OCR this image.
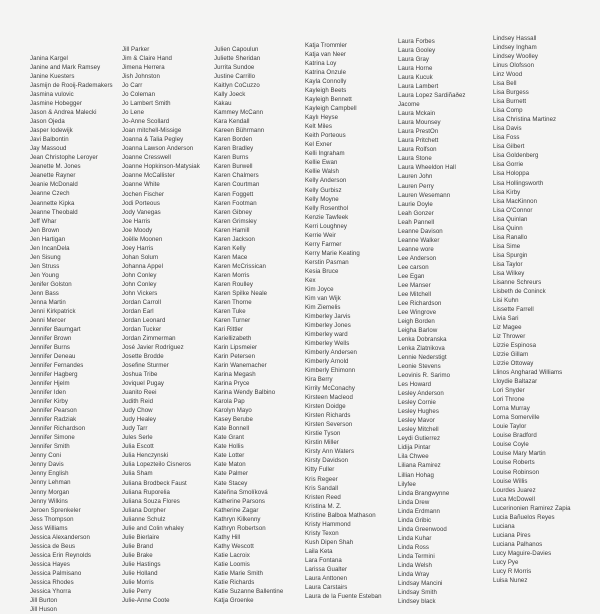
Janina Kargel
Janine and Mark Ramsey
Janine Kuesters
Jasmijn de Rooij-Rademakers
Jasmina vulovic
Jasmine Hobegger
Jason & Andrea Malecki
Jason Ojeda
Jasper Iodewijk
Javi Balbontin
Jay Massoud
Jean Christophe Leroyer
Jeanette M. Jones
Jeanette Rayner
Jeanie McDonald
Jeanne Czech
Jeannette Kipka
Jeanne Theobald
Jeff Whar
Jen Brown
Jen Hartigan
Jen IncanDela
Jen Sisung
Jen Struss
Jen Young
Jenifer Golston
Jenn Bass
Jenna Martin
Jenni Kirkpatrick
Jenni Mercer
Jennifer Baumgart
Jennifer Brown
Jennifer Burns
Jennifer Deneau
Jennifer Fernandes
Jennifer Hagberg
Jennifer Hjelm
Jennifer Iden
Jennifer Kirby
Jennifer Pearson
Jennifer Radziak
Jennifer Richardson
Jennifer Simone
Jennifer Smith
Jenny Coni
Jenny Davis
Jenny English
Jenny Lehman
Jenny Morgan
Jenny Wilkins
Jeroen Sprenkeler
Jess Thompson
Jess Williams
Jessica Alexanderson
Jessica de Beus
Jessica Erin Reynolds
Jessica Hayes
Jessica Palmisano
Jessica Rhodes
Jessica Yhorra
Jill Burton
Jill Huson
Jill Parker
Jim & Claire Hand
Jimena Herrera
Jish Johnston
Jo Carr
Jo Coleman
Jo Lambert Smith
Jo Lene
Jo-Anne Scollard
Joan mitchell-Missige
Joanna & Talia Pegley
Joanna Lawson Anderson
Joanne Cresswell
Joanne Hopkinson-Matysiak
Joanne McCallister
Joanne White
Jochen Fischer
Jodi Porteous
Jody Vanegas
Joe Harris
Joe Moody
Joëlle Moonen
Joey Harris
Johan Solum
Johanna Appel
John Conley
John Conley
John Vickers
Jordan Carroll
Jordan Earl
Jordan Leonard
Jordan Tucker
Jordan Zimmerman
José Javier Rodríguez
Josette Brodde
Josefine Sturmer
Joshua Tribe
Joviquel Pugay
Juanito Reei
Judith Reid
Judy Chow
Judy Healey
Judy Tarr
Jules Serle
Julia Escott
Julia Henczynski
Julia Lopezteilo Cisneros
Julia Sham
Juliana Brodbeck Faust
Juliana Ruporelia
Juliana Souza Flores
Juliana Dorpher
Julianne Schulz
Julie and Colin whaley
Julie Bierlaire
Julie Brand
Julie Brake
Julie Hastings
Julie Holland
Julie Morris
Julie Perry
Julie-Anne Coote
Julien Capoulun
Juliette Sheridan
Jurrita Sundoe
Justine Carrillo
Kaitlyn CoCuzzo
Kally Joeck
Kakau
Kammey McCann
Kara Kendall
Kareen Bührmann
Karen Borden
Karen Bradley
Karen Burns
Karen Burwell
Karen Chalmers
Karen Courtman
Karen Foggett
Karen Footman
Karen Gibney
Karen Grimsley
Karen Hamill
Karen Jackson
Karen Kelly
Karen Mace
Karen McCrissican
Karen Morris
Karen Roulley
Karen Spilke Neale
Karen Thorne
Karen Tuke
Karen Turner
Kari Rittler
Kariellizabeth
Karin Lipsmeier
Karin Petersen
Karin Wanemacher
Karina Megash
Karina Pryce
Karina Wendy Balbino
Karola Pap
Karolyn Mayo
Kasey Berube
Kate Bonnell
Kate Grant
Kate Hollis
Kate Lotter
Kate Maton
Kate Palmer
Kate Stacey
Kateřina Smolíková
Katherine Parsons
Katherine Zagar
Kathryn Kilkenny
Kathryn Robertson
Kathy Hill
Kathy Wescott
Katie Lacroix
Katie Loomis
Katie Marie Smith
Katie Richards
Katie Suzanne Ballentine
Katja Groenke
Katja Trommler
Katja van Neer
Katrina Loy
Katrina Onzule
Kayla Connolly
Kayleigh Beets
Kayleigh Bennett
Kayleigh Campbell
Kaylı Heyse
Kelt Miles
Keith Porteous
Kel Exner
Kelli Ingraham
Kellie Ewan
Kellie Walsh
Kelly Anderson
Kelly Gurbisz
Kelly Moyne
Kelly Rosenthol
Kenzie Tawfeek
Kerri Loughney
Kerrie Weir
Kerry Farmer
Kerry Marie Keating
Kerstin Pasman
Kesia Bruce
Kex
Kim Joyce
Kim van Wijk
Kim Ziemelis
Kimberley Jarvis
Kimberley Jones
Kimberley ward
Kimberley Wells
Kimberly Andersen
Kimberly Arnold
Kimberly Ehimonn
Kira Berry
Kirrily McConachy
Kirsteen Macleod
Kirsten Doidge
Kirsten Richards
Kirsten Severson
Kirstie Tyson
Kirstin Miller
Kirsty Ann Waters
Kirsty Davidson
Kitty Fuller
Kris Regeer
Kris Sandall
Kristen Reed
Kristina M. Z.
Kristine Balboa Mathason
Kristy Hammond
Kristy Texon
Kush Dipen Shah
Laila Keta
Lara Fontana
Larissa Gualter
Laura Anttonen
Laura Carstairs
Laura de la Fuente Esteban
Laura Forbes
Laura Gooley
Laura Gray
Laura Horne
Laura Kucuk
Laura Lambert
Laura Lopez Sardiñaðez
Jacome
Laura Mckain
Laura Mounsey
Laura PrestOn
Laura Pritchett
Laura Rolfson
Laura Stone
Laura Wheeldon Hall
Lauren John
Lauren Perry
Lauren Wesemann
Laurie Doyle
Leah Gonzer
Leah Pannell
Leanne Davison
Leanne Walker
Leanne wore
Lee Anderson
Lee carson
Lee Egan
Lee Manser
Lee Mitchell
Lee Richardson
Lee Wingrove
Leigh Borden
Leigha Barlow
Lenka Dobranska
Lenka Zlatnikova
Lennie Nederstigt
Leonie Stevens
Leovinis R. Sarimo
Les Howard
Lesley Anderson
Lesley Cornie
Lesley Hughes
Lesley Mavor
Lesley Mitchell
Leydi Gutierrez
Lidija Pintar
Lila Chwee
Liliana Ramirez
Lillian Hohag
Lilyfee
Linda Brangwynne
Linda Drew
Linda Erdmann
Linda Gribic
Linda Greenwood
Linda Kuhar
Linda Ross
Linda Termini
Linda Welsh
Linda Wray
Lindsay Mancini
Lindsay Smith
Lindsey black
Lindsey Hassall
Lindsey Ingham
Lindsey Woolley
Linus Olofsson
Linz Wood
Lisa Bell
Lisa Burgess
Lisa Burnett
Lisa Comp
Lisa Christina Martinez
Lisa Davis
Lisa Foss
Lisa Gilbert
Lisa Goldenberg
Lisa Gorrie
Lisa Holoppa
Lisa Hollingsworth
Lisa Kirby
Lisa MacKinnon
Lisa O'Connor
Lisa Quinlan
Lisa Quinn
Lisa Ranallo
Lisa Sime
Lisa Spurgin
Lisa Taylor
Lisa Wilkey
Lisanne Schreurs
Lisbeth de Coninck
Lisi Kuhn
Lissette Farrell
Livia Sari
Liz Magee
Liz Thrower
Lizzie Espinosa
Lizzie Gillam
Lizzie Ottoway
Llinos Angharad Williams
Lloydie Baltazar
Lori Snyder
Lori Throne
Lorna Murray
Lorna Somerville
Louie Taylor
Louise Bradford
Louise Coyle
Louise Mary Martin
Louise Roberts
Louise Robinson
Louise Willis
Lourdes Juarez
Luca McDowell
Lucerinonien Ramirez Zapia
Lucia Bañuelos Reyes
Luciana
Luciana Pires
Luciana Palhanos
Lucy Maguire-Davies
Lucy Pye
Lucy R Morris
Luisa Nunez
